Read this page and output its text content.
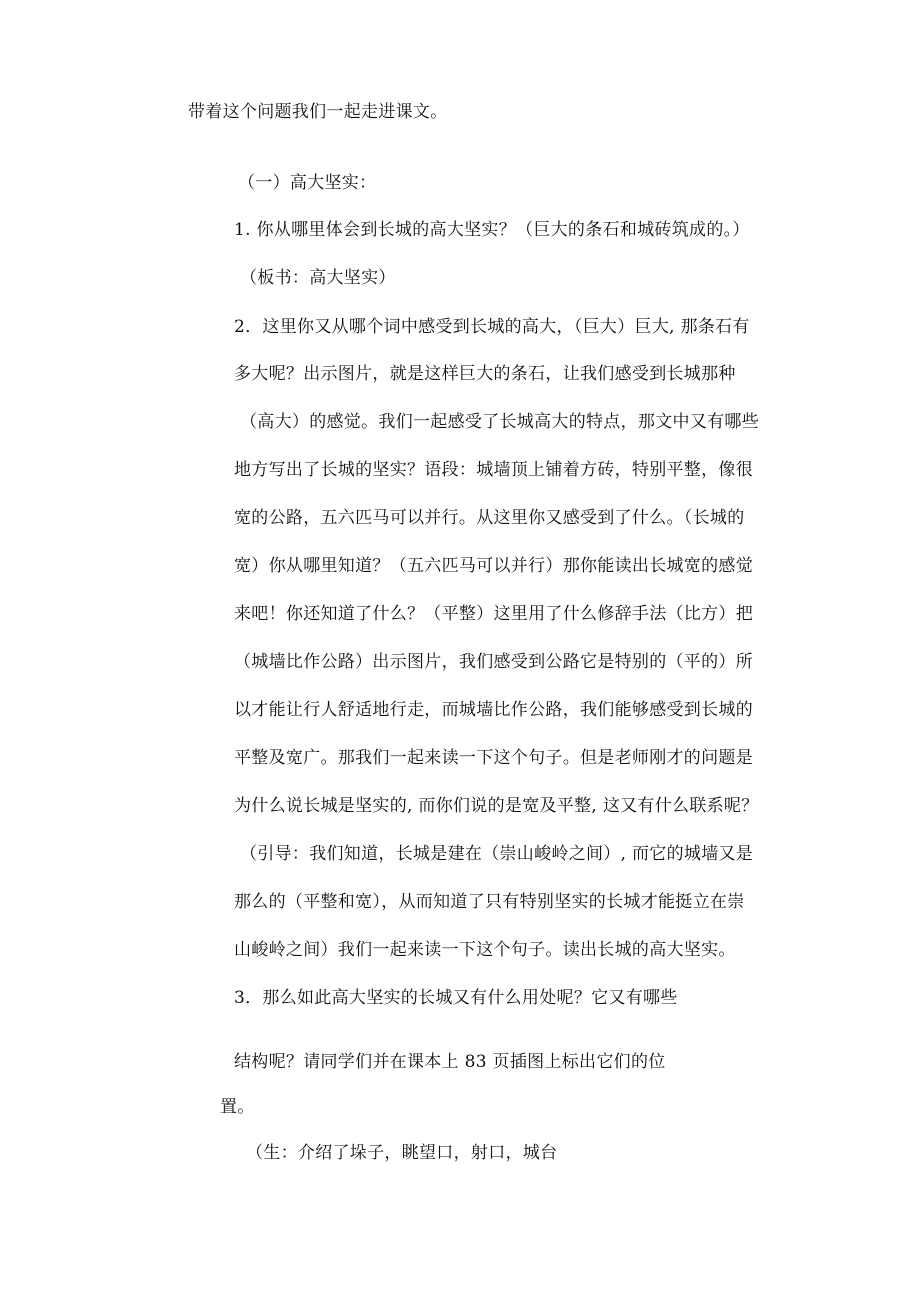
带着这个问题我们一起走进课文。

（一）高大坚实：

1. 你从哪里体会到长城的高大坚实？（巨大的条石和城砖筑成的。）

（板书：高大坚实）

2．这里你又从哪个词中感受到长城的高大，（巨大）巨大, 那条石有

多大呢？出示图片，就是这样巨大的条石，让我们感受到长城那种

（高大）的感觉。我们一起感受了长城高大的特点，那文中又有哪些

地方写出了长城的坚实？语段：城墙顶上铺着方砖，特别平整，像很

宽的公路，五六匹马可以并行。从这里你又感受到了什么。（长城的

宽）你从哪里知道？（五六匹马可以并行）那你能读出长城宽的感觉

来吧！你还知道了什么？（平整）这里用了什么修辞手法（比方）把

（城墙比作公路）出示图片，我们感受到公路它是特别的（平的）所

以才能让行人舒适地行走，而城墙比作公路，我们能够感受到长城的

平整及宽广。那我们一起来读一下这个句子。但是老师刚才的问题是

为什么说长城是坚实的, 而你们说的是宽及平整, 这又有什么联系呢？

（引导：我们知道，长城是建在（崇山峻岭之间）, 而它的城墙又是

那么的（平整和宽），从而知道了只有特别坚实的长城才能挺立在崇

山峻岭之间）我们一起来读一下这个句子。读出长城的高大坚实。

3．那么如此高大坚实的长城又有什么用处呢？它又有哪些

结构呢？请同学们并在课本上 83 页插图上标出它们的位

置。

（生：介绍了垛子，眺望口，射口，城台
